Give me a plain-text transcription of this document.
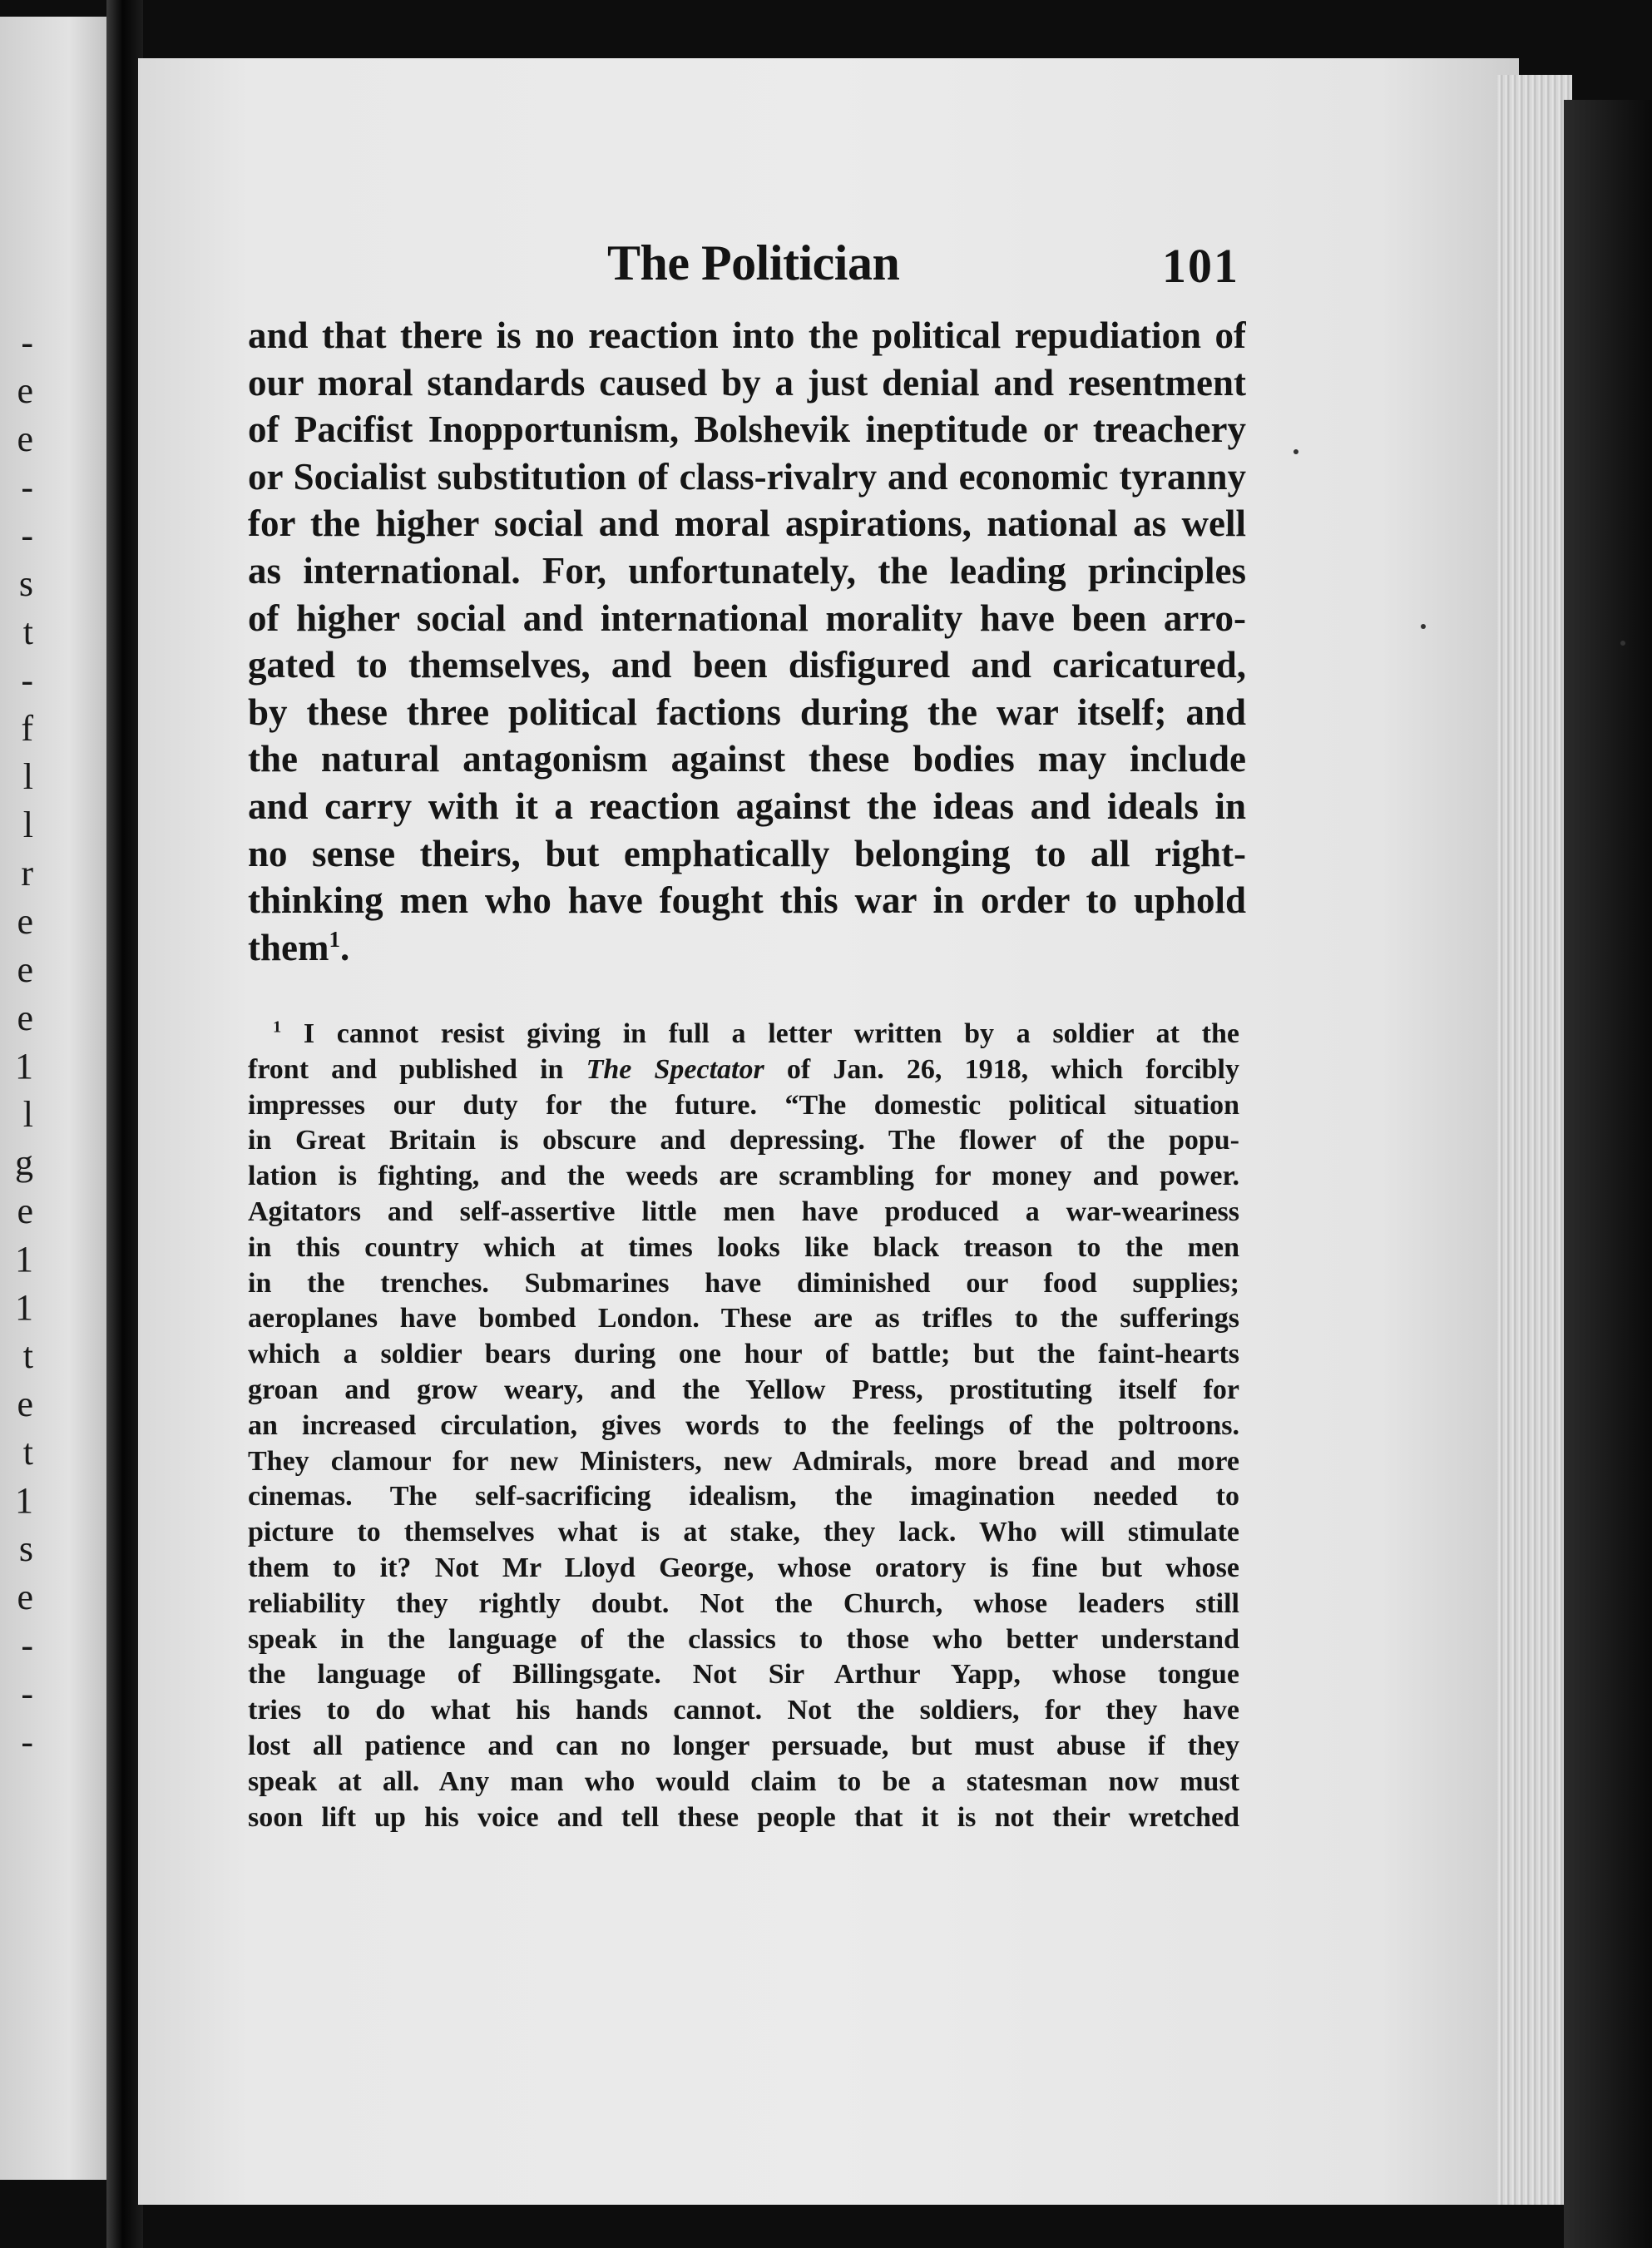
-
e
e
-
-
s
t
-
f
l
l
r
e
e
e
1
l
g
e
1
1
t
e
t
1
s
e
-
-
-
The Politician	101
and that there is no reaction into the political repudiation of
our moral standards caused by a just denial and resentment
of Pacifist Inopportunism, Bolshevik ineptitude or treachery
or Socialist substitution of class-rivalry and economic tyranny
for the higher social and moral aspirations, national as well
as international. For, unfortunately, the leading principles
of higher social and international morality have been arro-
gated to themselves, and been disfigured and caricatured,
by these three political factions during the war itself; and
the natural antagonism against these bodies may include
and carry with it a reaction against the ideas and ideals in
no sense theirs, but emphatically belonging to all right-
thinking men who have fought this war in order to uphold
them$^1$.
$^1$ I cannot resist giving in full a letter written by a soldier at the
front and published in The Spectator of Jan. 26, 1918, which forcibly
impresses our duty for the future. “The domestic political situation
in Great Britain is obscure and depressing. The flower of the popu-
lation is fighting, and the weeds are scrambling for money and power.
Agitators and self-assertive little men have produced a war-weariness
in this country which at times looks like black treason to the men
in the trenches. Submarines have diminished our food supplies;
aeroplanes have bombed London. These are as trifles to the sufferings
which a soldier bears during one hour of battle; but the faint-hearts
groan and grow weary, and the Yellow Press, prostituting itself for
an increased circulation, gives words to the feelings of the poltroons.
They clamour for new Ministers, new Admirals, more bread and more
cinemas. The self-sacrificing idealism, the imagination needed to
picture to themselves what is at stake, they lack. Who will stimulate
them to it? Not Mr Lloyd George, whose oratory is fine but whose
reliability they rightly doubt. Not the Church, whose leaders still
speak in the language of the classics to those who better understand
the language of Billingsgate. Not Sir Arthur Yapp, whose tongue
tries to do what his hands cannot. Not the soldiers, for they have
lost all patience and can no longer persuade, but must abuse if they
speak at all. Any man who would claim to be a statesman now must
soon lift up his voice and tell these people that it is not their wretched
